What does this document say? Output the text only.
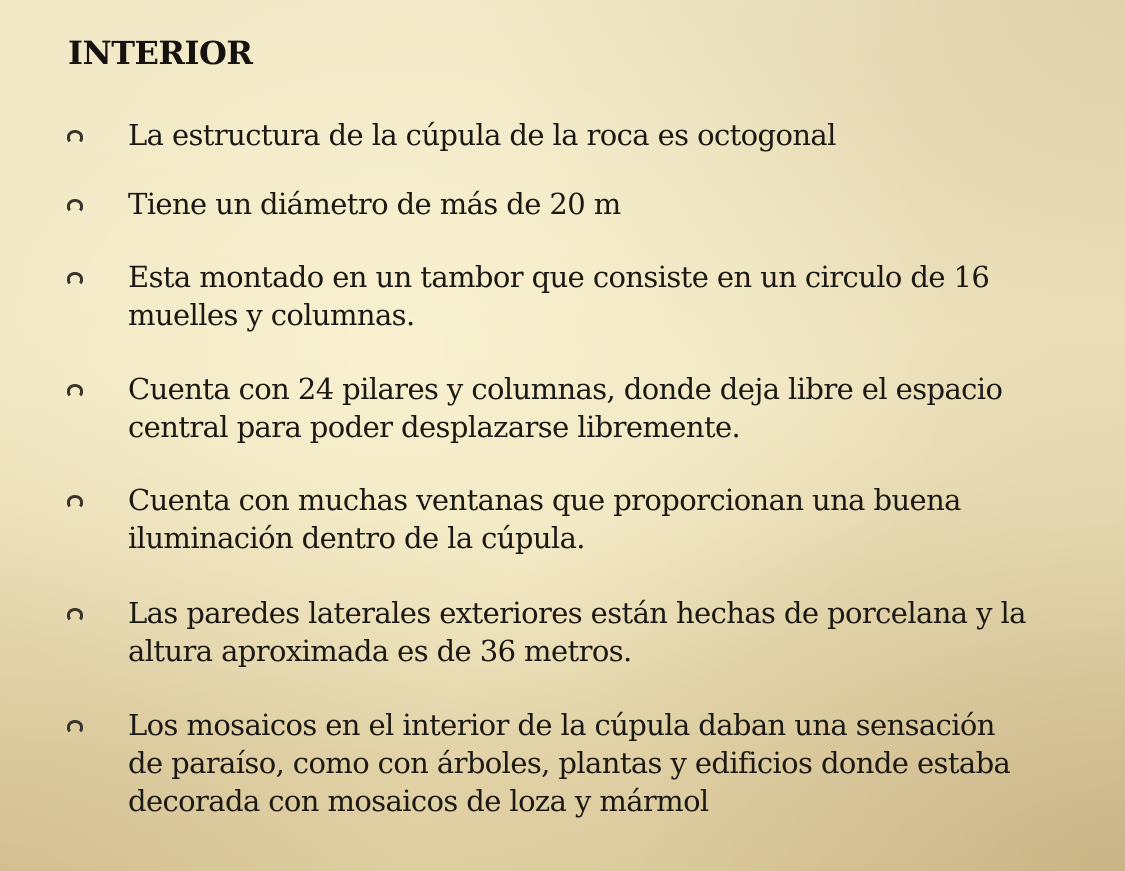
INTERIOR
La estructura de la cúpula de la roca es octogonal
Tiene un diámetro de más de 20 m
Esta montado en un tambor que consiste en un circulo de 16 muelles y columnas.
Cuenta con 24 pilares y columnas, donde deja libre el espacio central para poder desplazarse libremente.
Cuenta con muchas ventanas que proporcionan una buena iluminación dentro de la cúpula.
Las paredes laterales exteriores están hechas de porcelana y la altura aproximada es de 36 metros.
Los mosaicos en el interior de la cúpula daban una sensación de paraíso, como con árboles, plantas y edificios donde estaba decorada con mosaicos de loza y mármol
